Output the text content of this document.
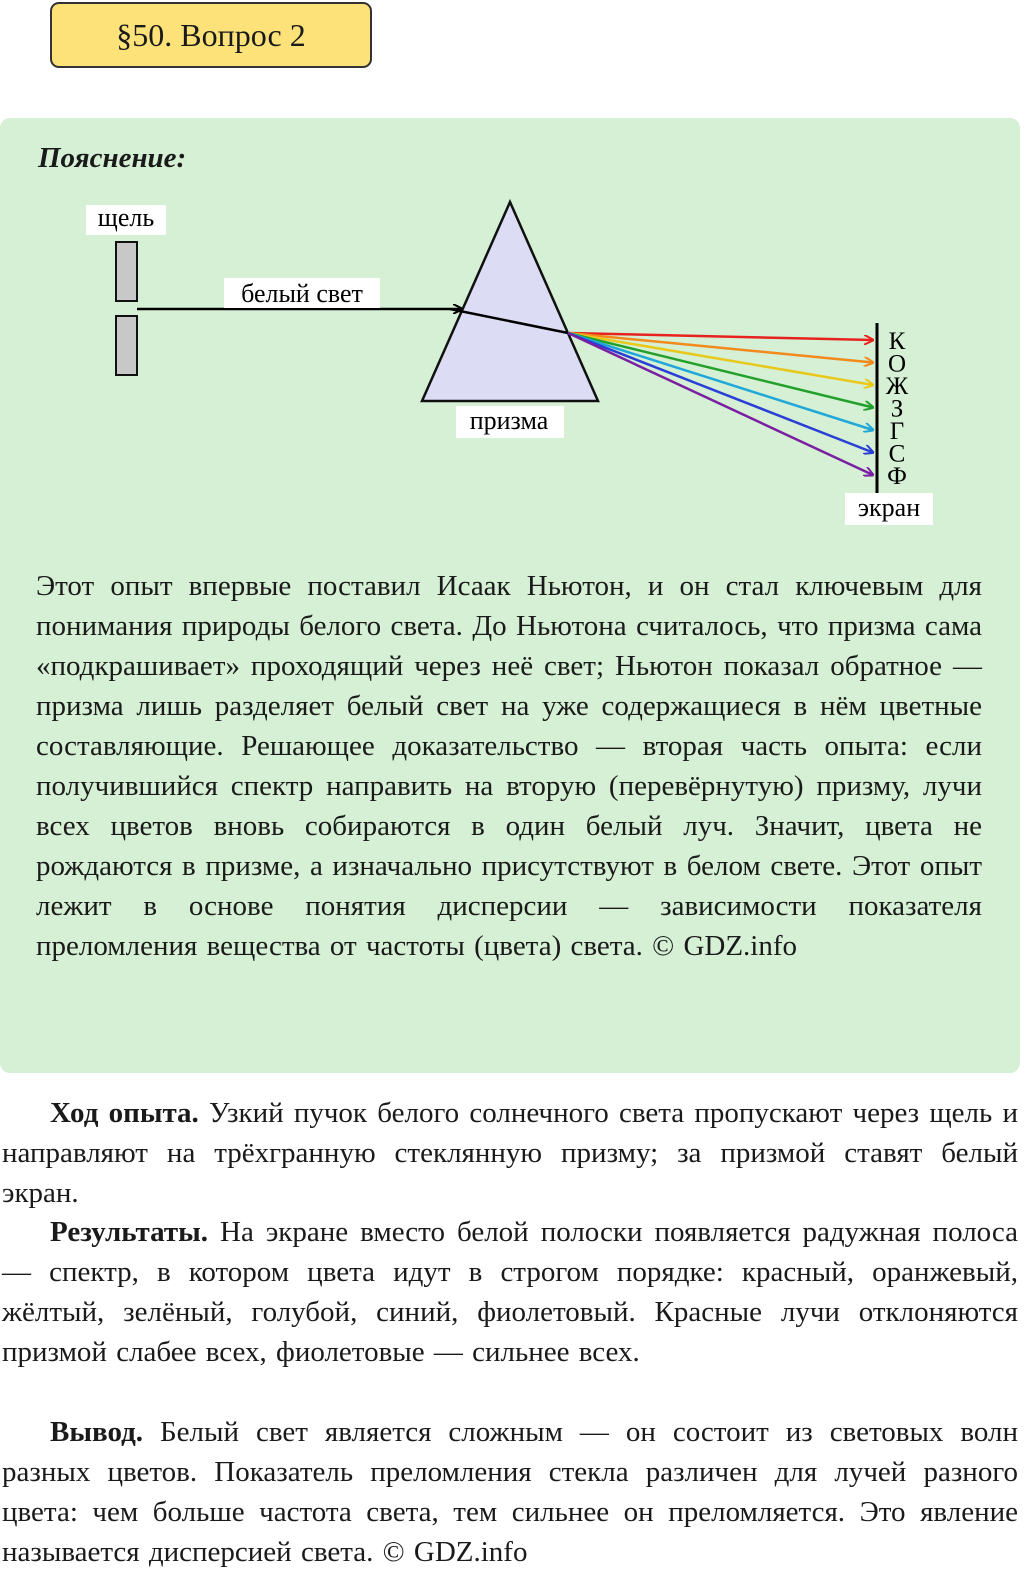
§50. Вопрос 2
Пояснение:
щель
белый свет
призма
К
О
Ж
З
Г
С
Ф
экран

Этот опыт впервые поставил Исаак Ньютон, и он стал ключевым для понимания природы белого света. До Ньютона считалось, что призма сама «подкрашивает» проходящий через неё свет; Ньютон показал обратное — призма лишь разделяет белый свет на уже содержащиеся в нём цветные составляющие. Решающее доказательство — вторая часть опыта: если получившийся спектр направить на вторую (перевёрнутую) призму, лучи всех цветов вновь собираются в один белый луч. Значит, цвета не рождаются в призме, а изначально присутствуют в белом свете. Этот опыт лежит в основе понятия дисперсии — зависимости показателя преломления вещества от частоты (цвета) света. © GDZ.info

Ход опыта. Узкий пучок белого солнечного света пропускают через щель и направляют на трёхгранную стеклянную призму; за призмой ставят белый экран.

Результаты. На экране вместо белой полоски появляется радужная полоса — спектр, в котором цвета идут в строгом порядке: красный, оранжевый, жёлтый, зелёный, голубой, синий, фиолетовый. Красные лучи отклоняются призмой слабее всех, фиолетовые — сильнее всех.

Вывод. Белый свет является сложным — он состоит из световых волн разных цветов. Показатель преломления стекла различен для лучей разного цвета: чем больше частота света, тем сильнее он преломляется. Это явление называется дисперсией света. © GDZ.info
